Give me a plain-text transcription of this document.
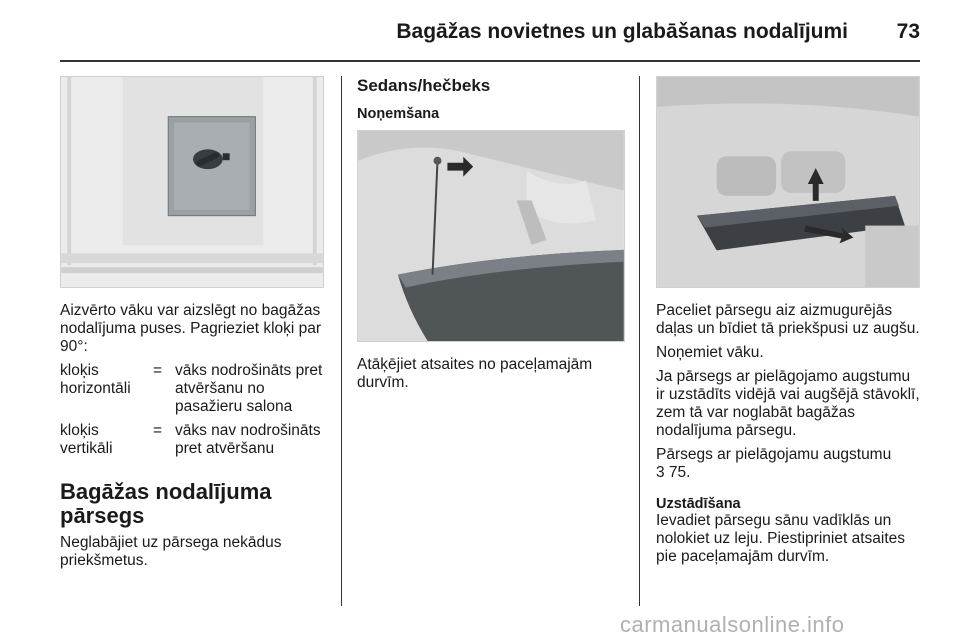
Bagāžas novietnes un glabāšanas nodalījumi 73

Aizvērto vāku var aizslēgt no bagāžas nodalījuma puses. Pagrieziet kloķi par 90°:

kloķis horizontāli
= vāks nodrošināts pret atvēršanu no pasažieru salona
kloķis vertikāli
= vāks nav nodrošināts pret atvēršanu
Bagāžas nodalījuma pārsegs

Neglabājiet uz pārsega nekādus priekšmetus.

Sedans/hečbeks
Noņemšana

Atāķējiet atsaites no paceļamajām durvīm.

Paceliet pārsegu aiz aizmugurējās daļas un bīdiet tā priekšpusi uz augšu.

Noņemiet vāku.

Ja pārsegs ar pielāgojamo augstumu ir uzstādīts vidējā vai augšējā stāvoklī, zem tā var noglabāt bagāžas nodalījuma pārsegu.

Pārsegs ar pielāgojamu augstumu

3 75.

Uzstādīšana

Ievadiet pārsegu sānu vadīklās un nolokiet uz leju. Piestipriniet atsaites pie paceļamajām durvīm.

carmanualsonline.info
